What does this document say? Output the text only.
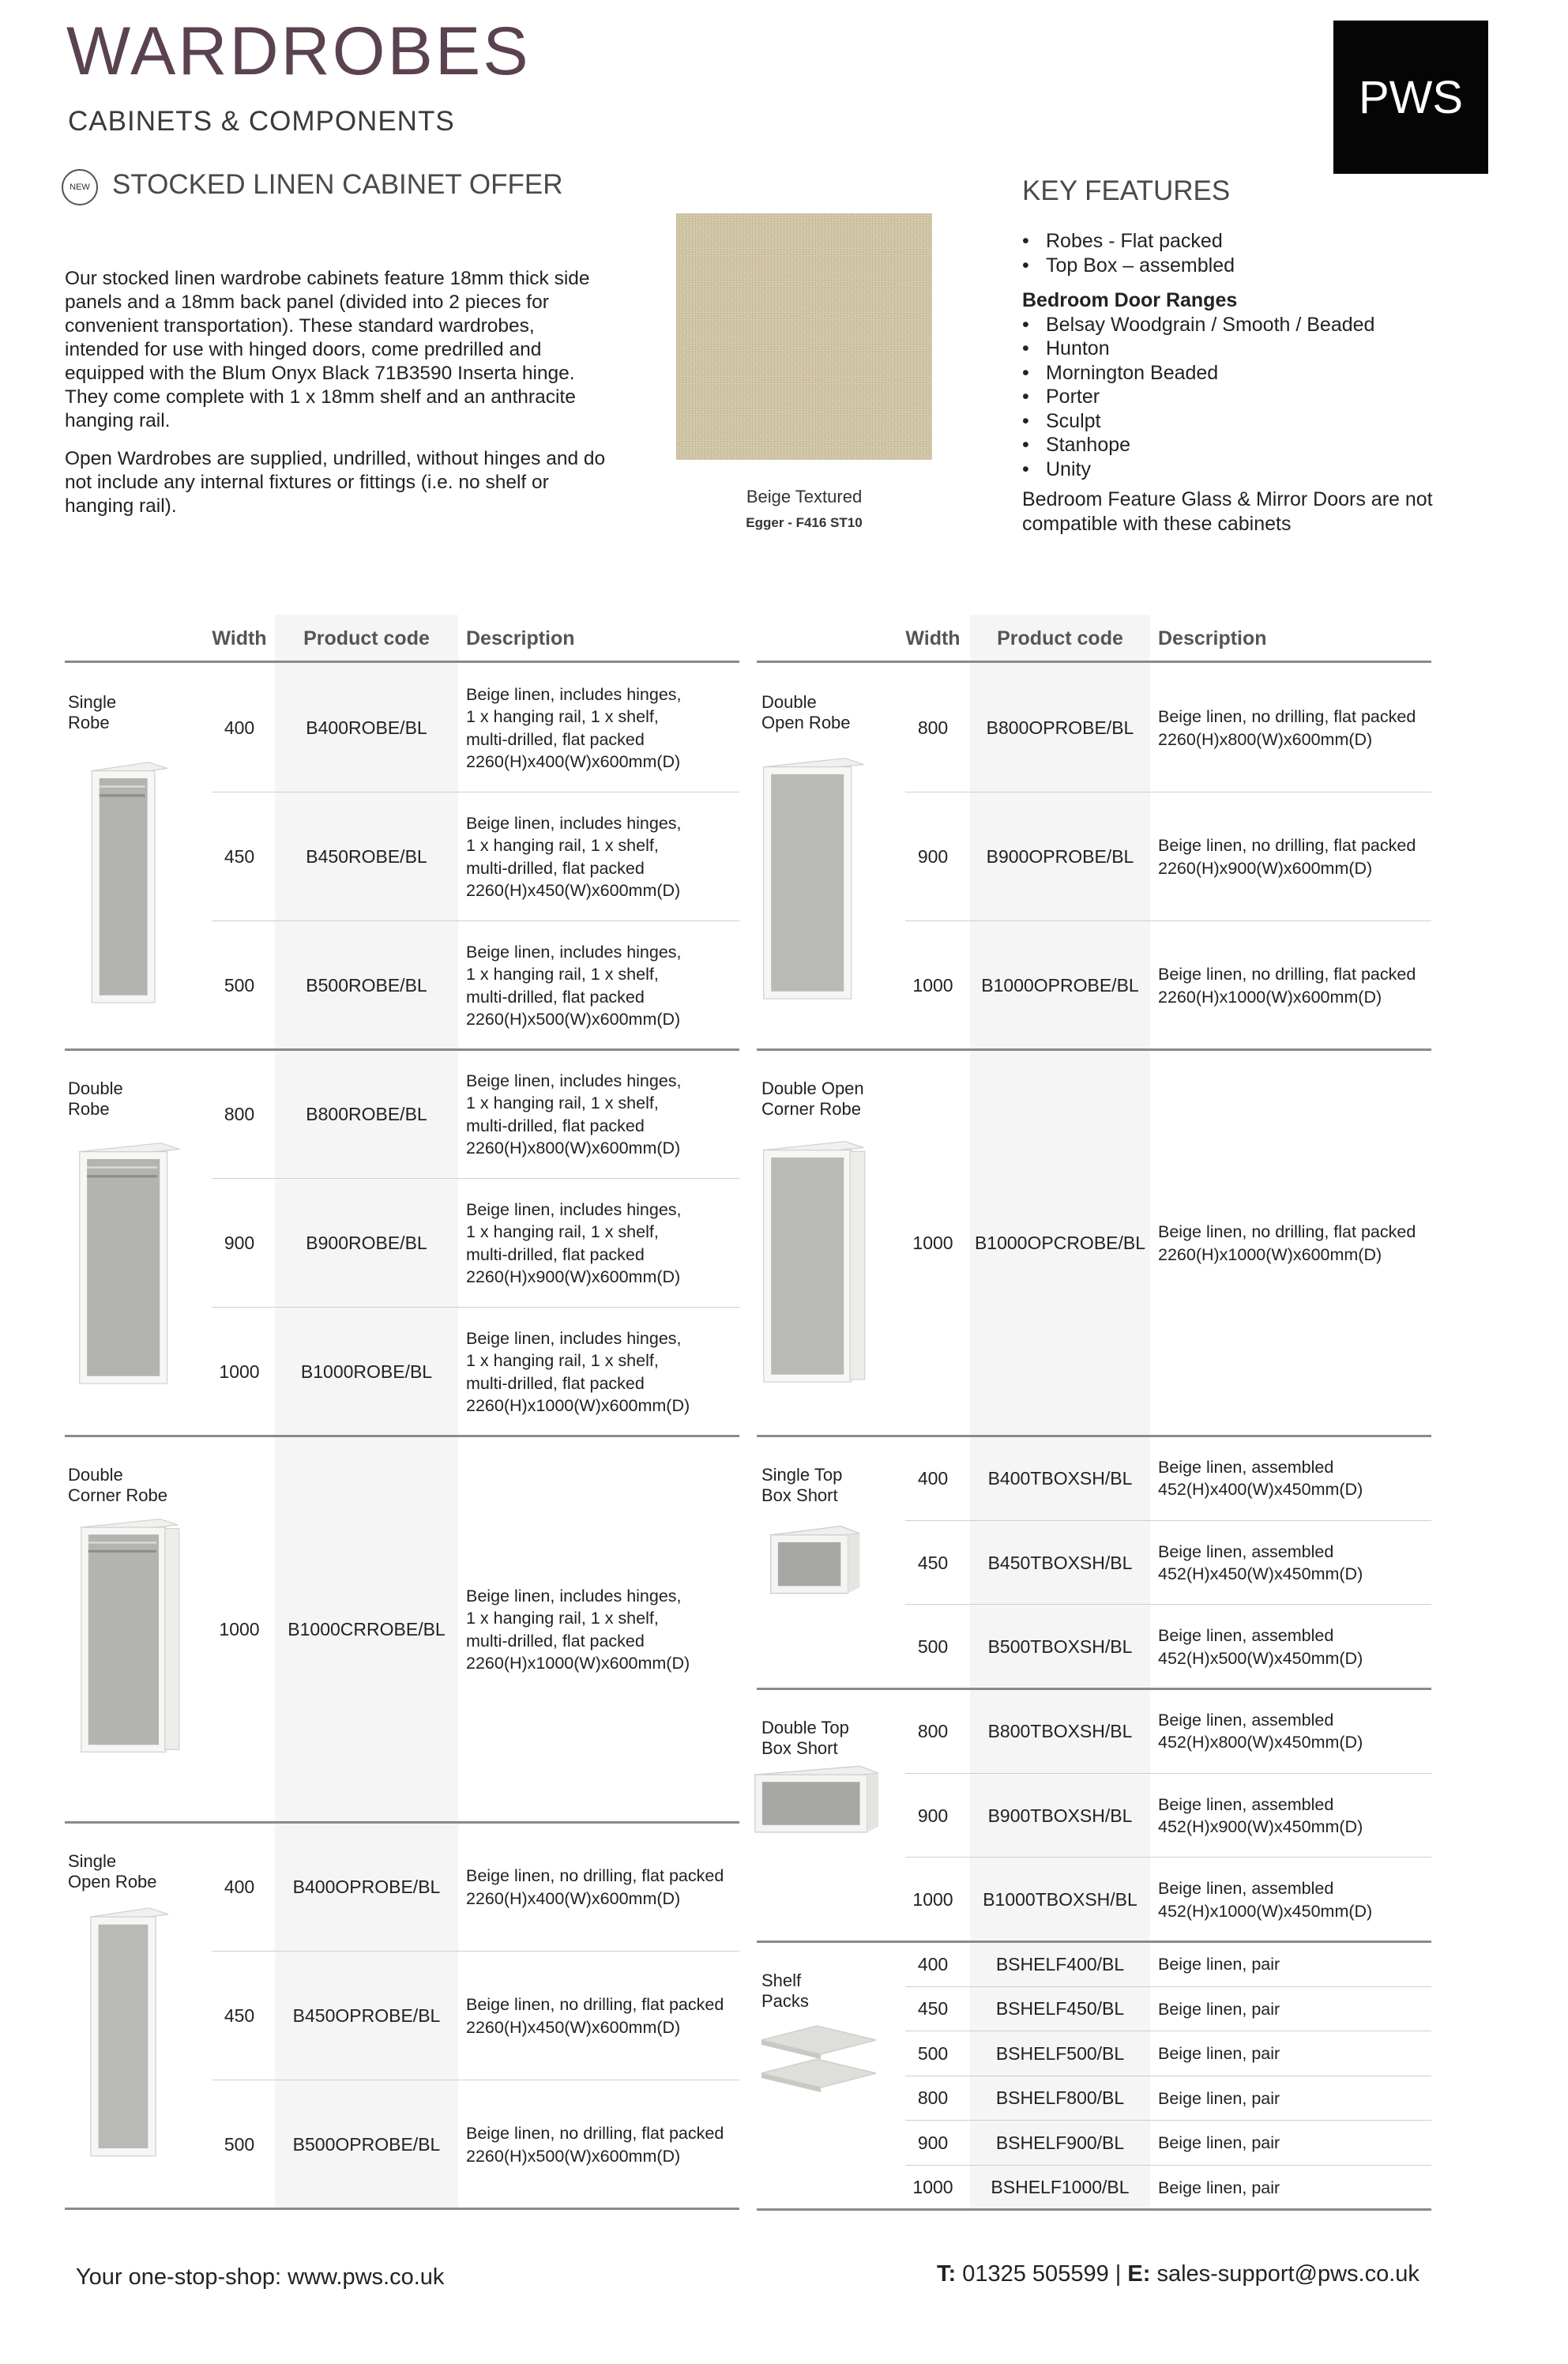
WARDROBES
CABINETS & COMPONENTS	PWS
NEW STOCKED LINEN CABINET OFFER

Our stocked linen wardrobe cabinets feature 18mm thick side panels and a 18mm back panel (divided into 2 pieces for convenient transportation). These standard wardrobes, intended for use with hinged doors, come predrilled and equipped with the Blum Onyx Black 71B3590 Inserta hinge. They come complete with 1 x 18mm shelf and an anthracite hanging rail.

Open Wardrobes are supplied, undrilled, without hinges and do not include any internal fixtures or fittings (i.e. no shelf or hanging rail).	Beige Textured
Egger - F416 ST10
KEY FEATURES
• Robes - Flat packed
• Top Box – assembled
Bedroom Door Ranges
• Belsay Woodgrain / Smooth / Beaded
• Hunton
• Mornington Beaded
• Porter
• Sculpt
• Stanhope
• Unity
Bedroom Feature Glass & Mirror Doors are not compatible with these cabinets
Width	Product code	Description	Width	Product code	Description
Single
Robe	400	B400ROBE/BL
Beige linen, includes hinges,
1 x hanging rail, 1 x shelf,
multi-drilled, flat packed
2260(H)x400(W)x600mm(D)
450	B450ROBE/BL
Beige linen, includes hinges,
1 x hanging rail, 1 x shelf,
multi-drilled, flat packed
2260(H)x450(W)x600mm(D)
500	B500ROBE/BL
Beige linen, includes hinges,
1 x hanging rail, 1 x shelf,
multi-drilled, flat packed
2260(H)x500(W)x600mm(D)
Double
Robe	800	B800ROBE/BL
Beige linen, includes hinges,
1 x hanging rail, 1 x shelf,
multi-drilled, flat packed
2260(H)x800(W)x600mm(D)
900	B900ROBE/BL
Beige linen, includes hinges,
1 x hanging rail, 1 x shelf,
multi-drilled, flat packed
2260(H)x900(W)x600mm(D)
1000	B1000ROBE/BL
Beige linen, includes hinges,
1 x hanging rail, 1 x shelf,
multi-drilled, flat packed
2260(H)x1000(W)x600mm(D)
Double
Corner Robe
1000	B1000CRROBE/BL
Beige linen, includes hinges,
1 x hanging rail, 1 x shelf,
multi-drilled, flat packed
2260(H)x1000(W)x600mm(D)
Single
Open Robe	400	B400OPROBE/BL
Beige linen, no drilling, flat packed
2260(H)x400(W)x600mm(D)
450	B450OPROBE/BL
Beige linen, no drilling, flat packed
2260(H)x450(W)x600mm(D)
500	B500OPROBE/BL
Beige linen, no drilling, flat packed
2260(H)x500(W)x600mm(D)
Double
Open Robe	800	B800OPROBE/BL
Beige linen, no drilling, flat packed
2260(H)x800(W)x600mm(D)
900	B900OPROBE/BL
Beige linen, no drilling, flat packed
2260(H)x900(W)x600mm(D)
1000	B1000OPROBE/BL
Beige linen, no drilling, flat packed
2260(H)x1000(W)x600mm(D)
Double Open
Corner Robe
1000	B1000OPCROBE/BL
Beige linen, no drilling, flat packed
2260(H)x1000(W)x600mm(D)
Single Top
Box Short
400	B400TBOXSH/BL
Beige linen, assembled
452(H)x400(W)x450mm(D)
450	B450TBOXSH/BL
Beige linen, assembled
452(H)x450(W)x450mm(D)
500	B500TBOXSH/BL
Beige linen, assembled
452(H)x500(W)x450mm(D)
Double Top
Box Short
800	B800TBOXSH/BL
Beige linen, assembled
452(H)x800(W)x450mm(D)
900	B900TBOXSH/BL
Beige linen, assembled
452(H)x900(W)x450mm(D)
1000	B1000TBOXSH/BL
Beige linen, assembled
452(H)x1000(W)x450mm(D)
Shelf
Packs
400	BSHELF400/BL	Beige linen, pair
450	BSHELF450/BL	Beige linen, pair
500	BSHELF500/BL	Beige linen, pair
800	BSHELF800/BL	Beige linen, pair
900	BSHELF900/BL	Beige linen, pair
1000	BSHELF1000/BL	Beige linen, pair
Your one-stop-shop: www.pws.co.uk	T: 01325 505599 | E: sales-support@pws.co.uk
